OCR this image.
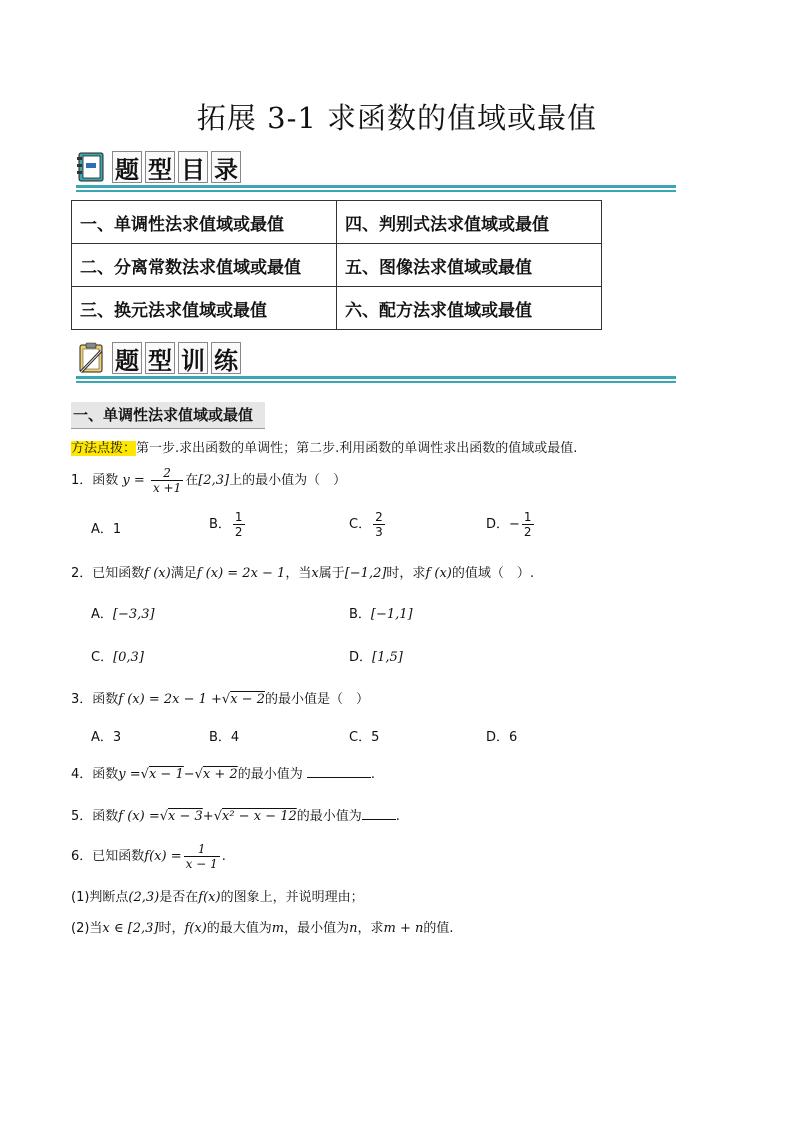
拓展 3-1 求函数的值域或最值
题 型 目 录
一、单调性法求值域或最值	四、判别式法求值域或最值
二、分离常数法求值域或最值	五、图像法求值域或最值
三、换元法求值域或最值	六、配方法求值域或最值
题 型 训 练
一、单调性法求值域或最值
方法点拨：第一步.求出函数的单调性；第二步.利用函数的单调性求出函数的值域或最值.
1．函数 $y = \frac{2}{x +1}$ 在[2,3]上的最小值为（　）
A．1	B． $\frac{1}{2}$	C． $\frac{2}{3}$	D．− $\frac{1}{2}$
2．已知函数f (x)满足f (x) = 2x − 1，当x属于[−1,2]时，求f (x)的值域（　）.
A．[−3,3]	B．[−1,1]
C．[0,3]	D．[1,5]
3．函数f (x) = 2x − 1 +√x − 2的最小值是（　）
A．3	B．4	C．5	D．6
4．函数y =√x − 1−√x + 2的最小值为	.
5．函数f (x) =√x − 3+√x² − x − 12的最小值为	.
6．已知函数$f(x) = \frac{1}{x - 1}$ .
(1)判断点(2,3)是否在f(x)的图象上，并说明理由；
(2)当x ∈ [2,3]时，f(x)的最大值为m，最小值为n，求m + n的值.
